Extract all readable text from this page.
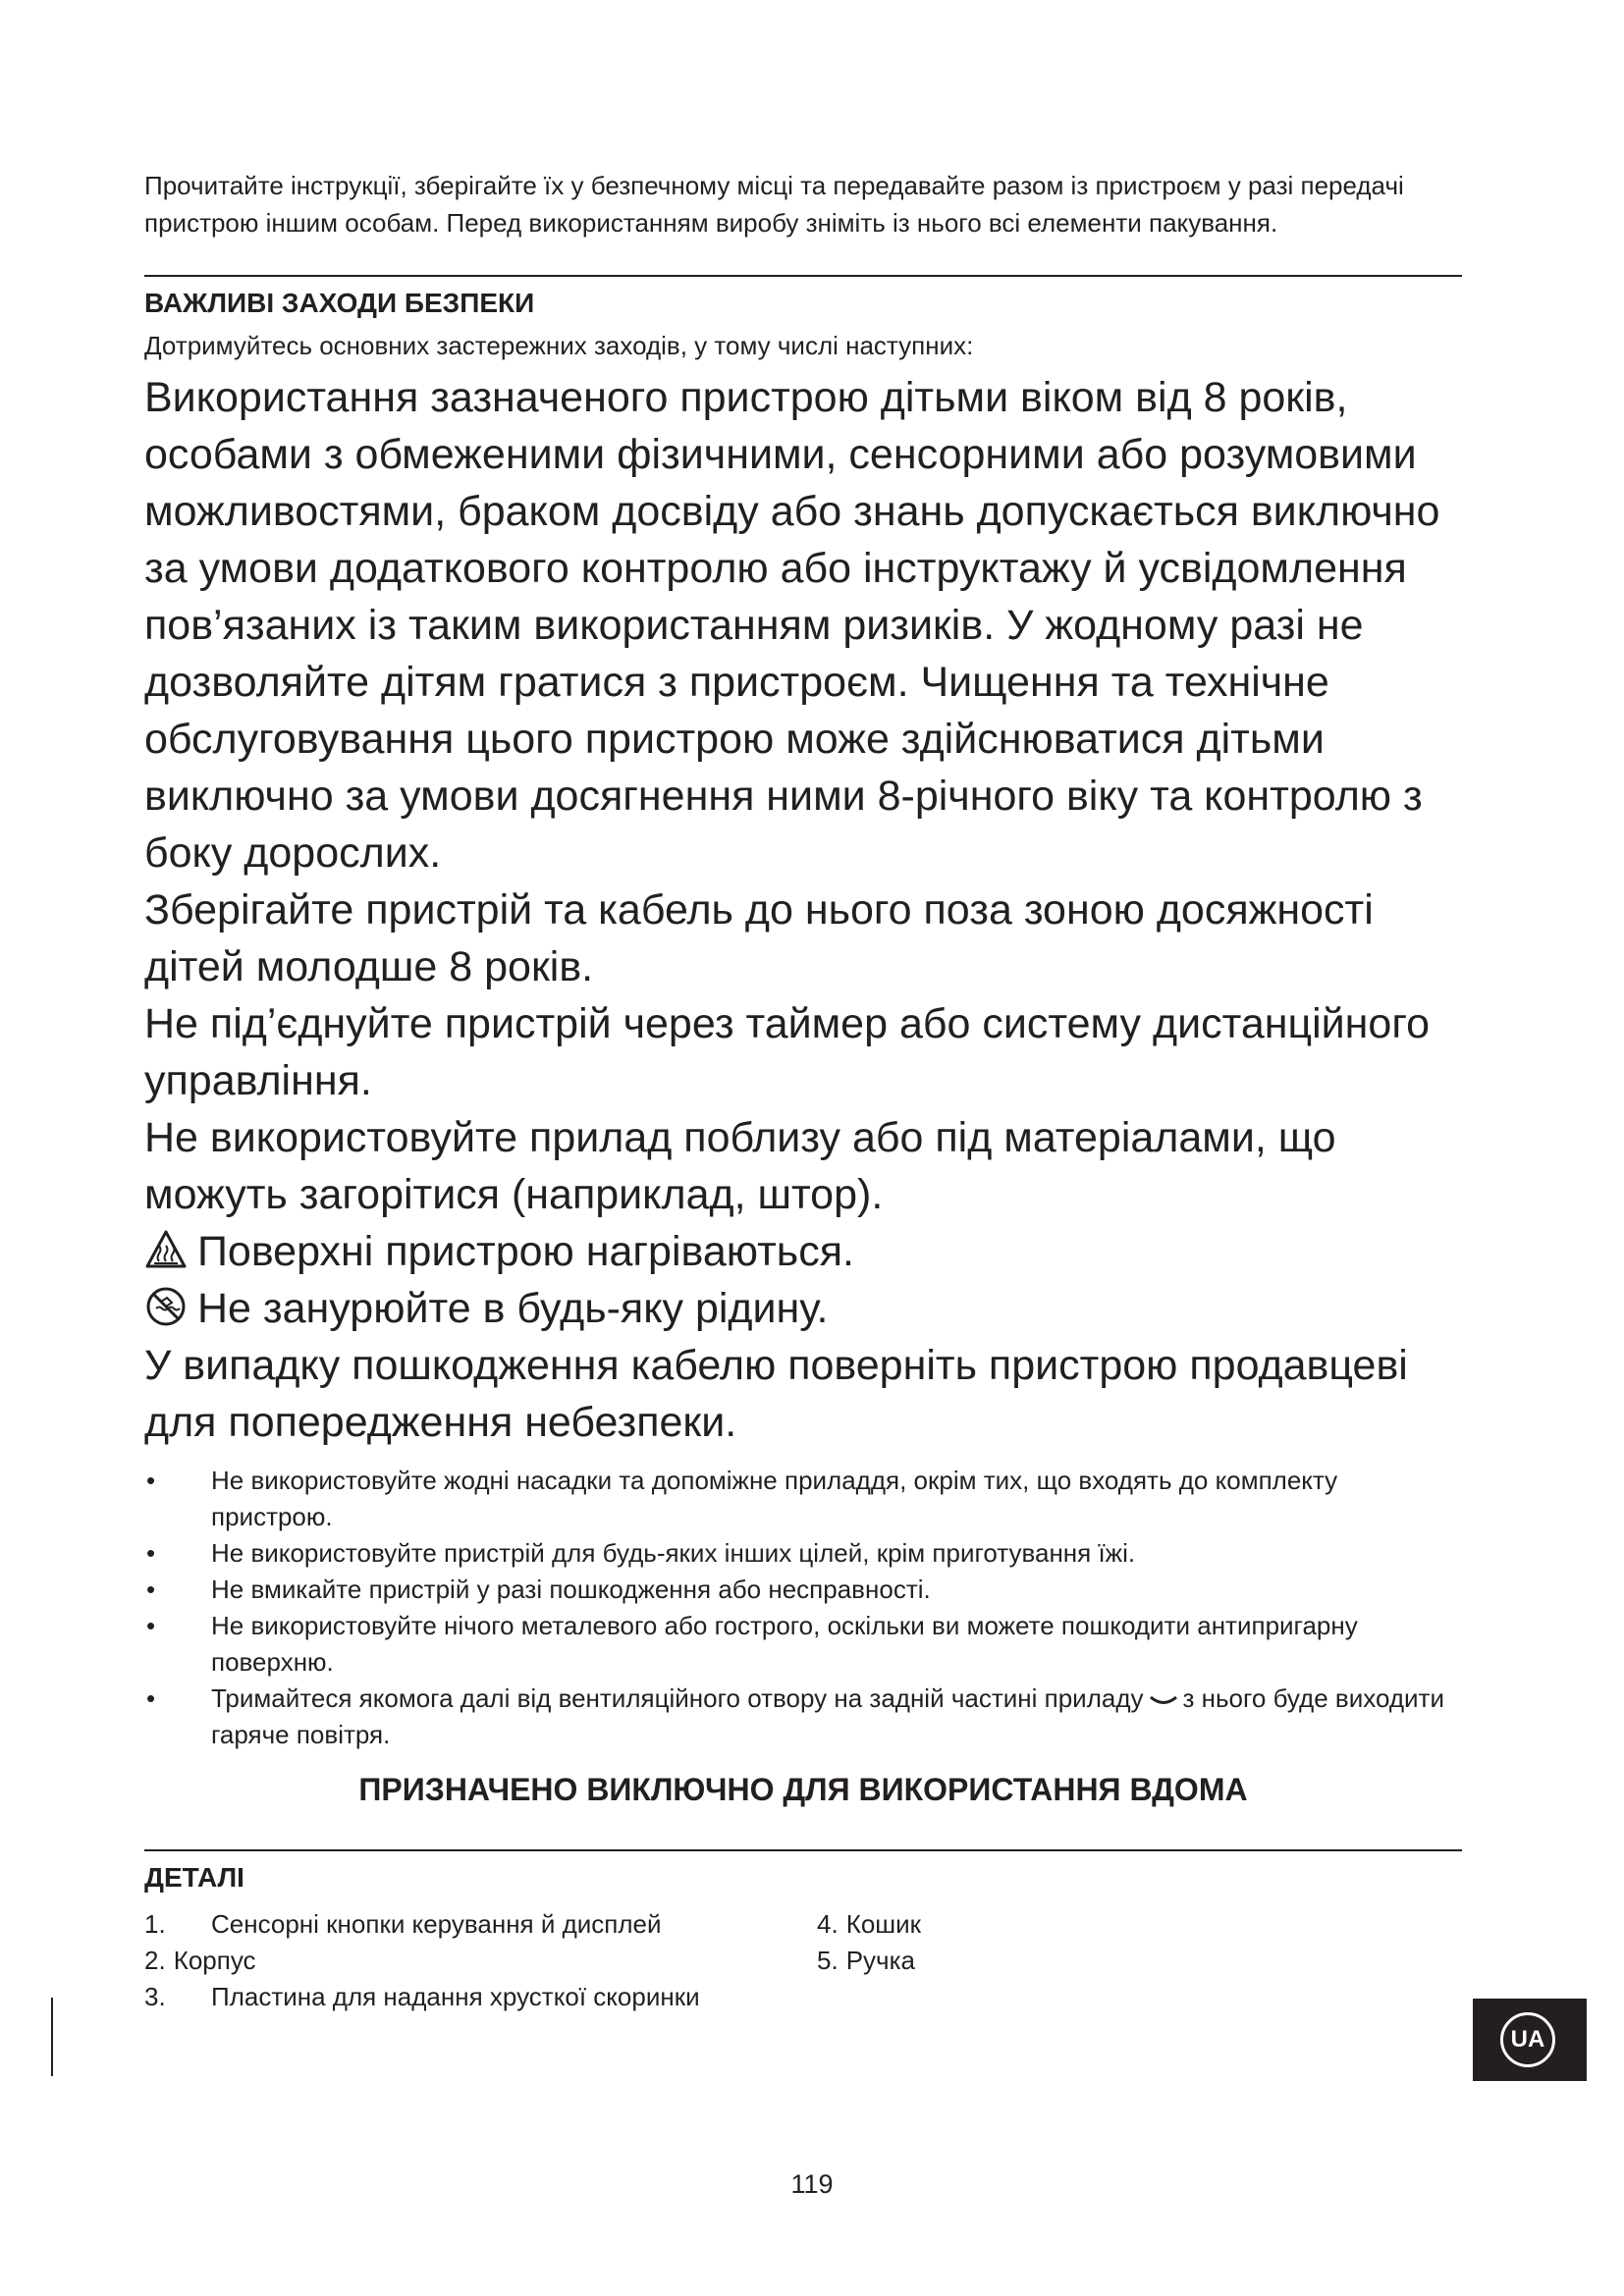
Прочитайте інструкції, зберігайте їх у безпечному місці та передавайте разом із пристроєм у разі передачі пристрою іншим особам. Перед використанням виробу зніміть із нього всі елементи пакування.

ВАЖЛИВІ ЗАХОДИ БЕЗПЕКИ
Дотримуйтесь основних застережних заходів, у тому числі наступних:

Використання зазначеного пристрою дітьми віком від 8 років, особами з обмеженими фізичними, сенсорними або розумовими можливостями, браком досвіду або знань допускається виключно за умови додаткового контролю або інструктажу й усвідомлення пов’язаних із таким використанням ризиків. У жодному разі не дозволяйте дітям гратися з пристроєм. Чищення та технічне обслуговування цього пристрою може здійснюватися дітьми виключно за умови досягнення ними 8-річного віку та контролю з боку дорослих.

Зберігайте пристрій та кабель до нього поза зоною досяжності дітей молодше 8 років.

Не під’єднуйте пристрій через таймер або систему дистанційного управління.

Не використовуйте прилад поблизу або під матеріалами, що можуть загорітися (наприклад, штор).

Поверхні пристрою нагріваються.

Не занурюйте в будь-яку рідину.

У випадку пошкодження кабелю поверніть пристрою продавцеві для попередження небезпеки.

• Не використовуйте жодні насадки та допоміжне приладдя, окрім тих, що входять до комплекту пристрою.
• Не використовуйте пристрій для будь-яких інших цілей, крім приготування їжі.
• Не вмикайте пристрій у разі пошкодження або несправності.
• Не використовуйте нічого металевого або гострого, оскільки ви можете пошкодити антипригарну поверхню.
• Тримайтеся якомога далі від вентиляційного отвору на задній частині приладу з нього буде виходити гаряче повітря.
ПРИЗНАЧЕНО ВИКЛЮЧНО ДЛЯ ВИКОРИСТАННЯ ВДОМА
ДЕТАЛІ
1. Сенсорні кнопки керування й дисплей
2. Корпус
3. Пластина для надання хрусткої скоринки
4. Кошик
5. Ручка
UA
119
